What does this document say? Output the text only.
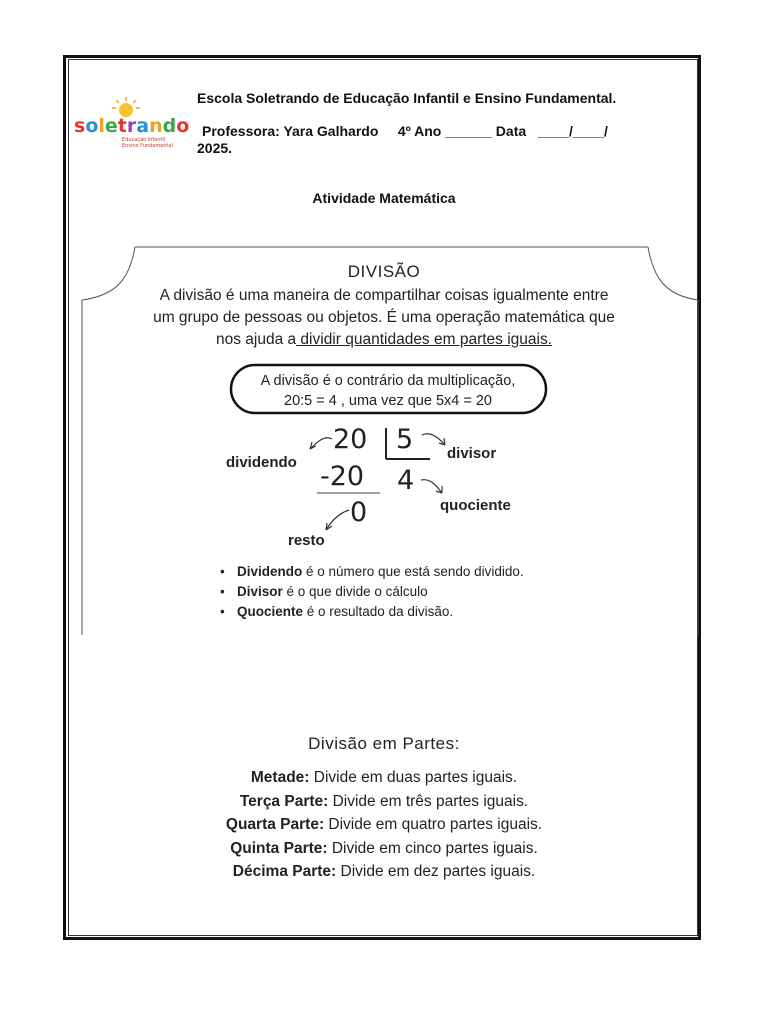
soletrando
Educação Infantil
Ensino Fundamental
Escola Soletrando de Educação Infantil e Ensino Fundamental.
Professora: Yara Galhardo     4º Ano ______ Data   ____/____/
2025.
Atividade Matemática
DIVISÃO
A divisão é uma maneira de compartilhar coisas igualmente entre
um grupo de pessoas ou objetos. É uma operação matemática que
nos ajuda a dividir quantidades em partes iguais.
A divisão é o contrário da multiplicação,
20:5 = 4 , uma vez que 5x4 = 20
20 5
-20 4
0
dividendo
divisor
quociente
resto
• Dividendo é o número que está sendo dividido.
• Divisor é o que divide o cálculo
• Quociente é o resultado da divisão.
Divisão em Partes:
Metade: Divide em duas partes iguais.
Terça Parte: Divide em três partes iguais.
Quarta Parte: Divide em quatro partes iguais.
Quinta Parte: Divide em cinco partes iguais.
Décima Parte: Divide em dez partes iguais.
